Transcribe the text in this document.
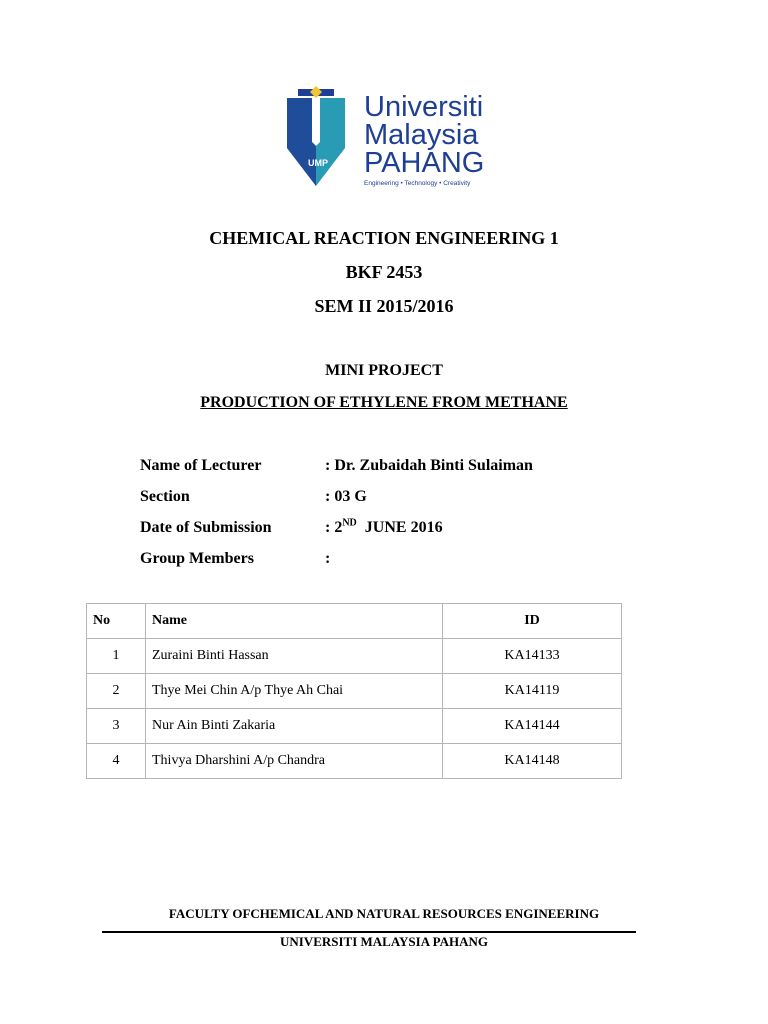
UMP
Universiti
Malaysia
PAHANG
Engineering • Technology • Creativity
CHEMICAL REACTION ENGINEERING 1
BKF 2453
SEM II 2015/2016
MINI PROJECT
PRODUCTION OF ETHYLENE FROM METHANE
Name of Lecturer	: Dr. Zubaidah Binti Sulaiman
Section	: 03 G
Date of Submission	: 2ND JUNE 2016
Group Members	:
No	Name	ID
1	Zuraini Binti Hassan	KA14133
2	Thye Mei Chin A/p Thye Ah Chai	KA14119
3	Nur Ain Binti Zakaria	KA14144
4	Thivya Dharshini A/p Chandra	KA14148
FACULTY OFCHEMICAL AND NATURAL RESOURCES ENGINEERING
UNIVERSITI MALAYSIA PAHANG
